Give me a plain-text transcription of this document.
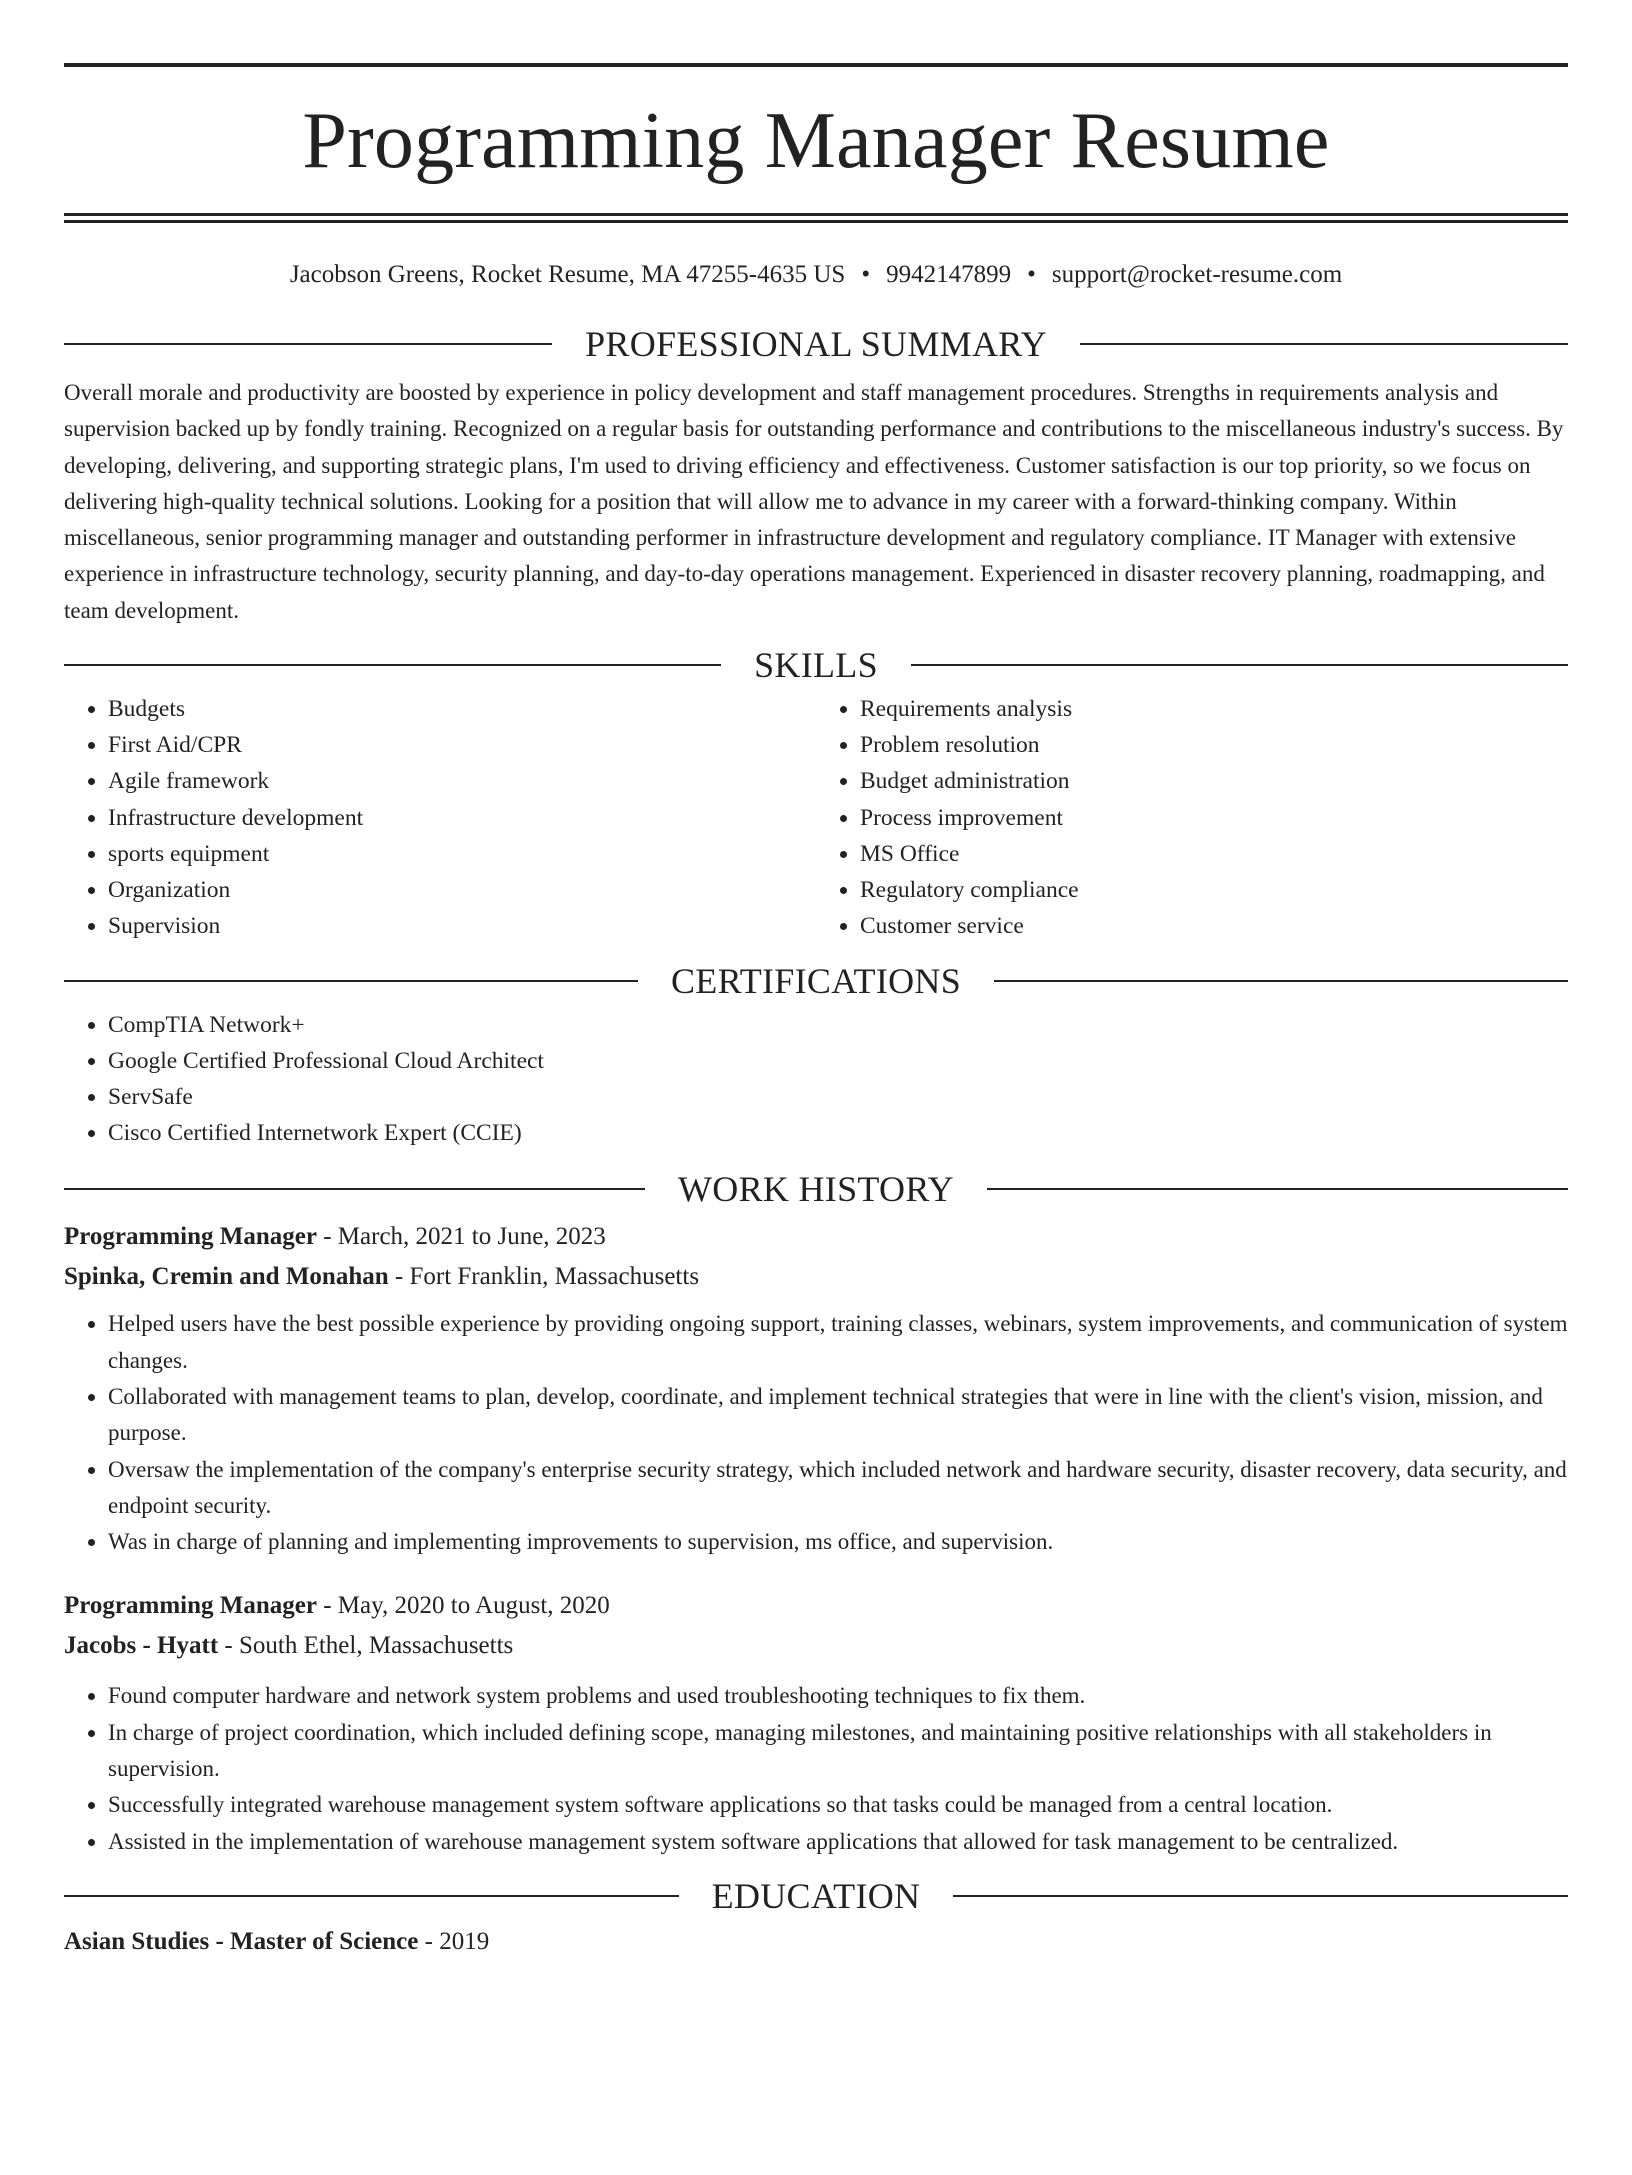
Programming Manager Resume
Jacobson Greens, Rocket Resume, MA 47255-4635 US • 9942147899 • support@rocket-resume.com
PROFESSIONAL SUMMARY

Overall morale and productivity are boosted by experience in policy development and staff management procedures. Strengths in requirements analysis and supervision backed up by fondly training. Recognized on a regular basis for outstanding performance and contributions to the miscellaneous industry's success. By developing, delivering, and supporting strategic plans, I'm used to driving efficiency and effectiveness. Customer satisfaction is our top priority, so we focus on delivering high-quality technical solutions. Looking for a position that will allow me to advance in my career with a forward-thinking company. Within miscellaneous, senior programming manager and outstanding performer in infrastructure development and regulatory compliance. IT Manager with extensive experience in infrastructure technology, security planning, and day-to-day operations management. Experienced in disaster recovery planning, roadmapping, and team development.

SKILLS
• Budgets
• First Aid/CPR
• Agile framework
• Infrastructure development
• sports equipment
• Organization
• Supervision
• Requirements analysis
• Problem resolution
• Budget administration
• Process improvement
• MS Office
• Regulatory compliance
• Customer service
CERTIFICATIONS
• CompTIA Network+
• Google Certified Professional Cloud Architect
• ServSafe
• Cisco Certified Internetwork Expert (CCIE)
WORK HISTORY
Programming Manager - March, 2021 to June, 2023
Spinka, Cremin and Monahan - Fort Franklin, Massachusetts
• Helped users have the best possible experience by providing ongoing support, training classes, webinars, system improvements, and communication of system changes.
• Collaborated with management teams to plan, develop, coordinate, and implement technical strategies that were in line with the client's vision, mission, and purpose.
• Oversaw the implementation of the company's enterprise security strategy, which included network and hardware security, disaster recovery, data security, and endpoint security.
• Was in charge of planning and implementing improvements to supervision, ms office, and supervision.
Programming Manager - May, 2020 to August, 2020
Jacobs - Hyatt - South Ethel, Massachusetts
• Found computer hardware and network system problems and used troubleshooting techniques to fix them.
• In charge of project coordination, which included defining scope, managing milestones, and maintaining positive relationships with all stakeholders in supervision.
• Successfully integrated warehouse management system software applications so that tasks could be managed from a central location.
• Assisted in the implementation of warehouse management system software applications that allowed for task management to be centralized.
EDUCATION
Asian Studies - Master of Science - 2019
